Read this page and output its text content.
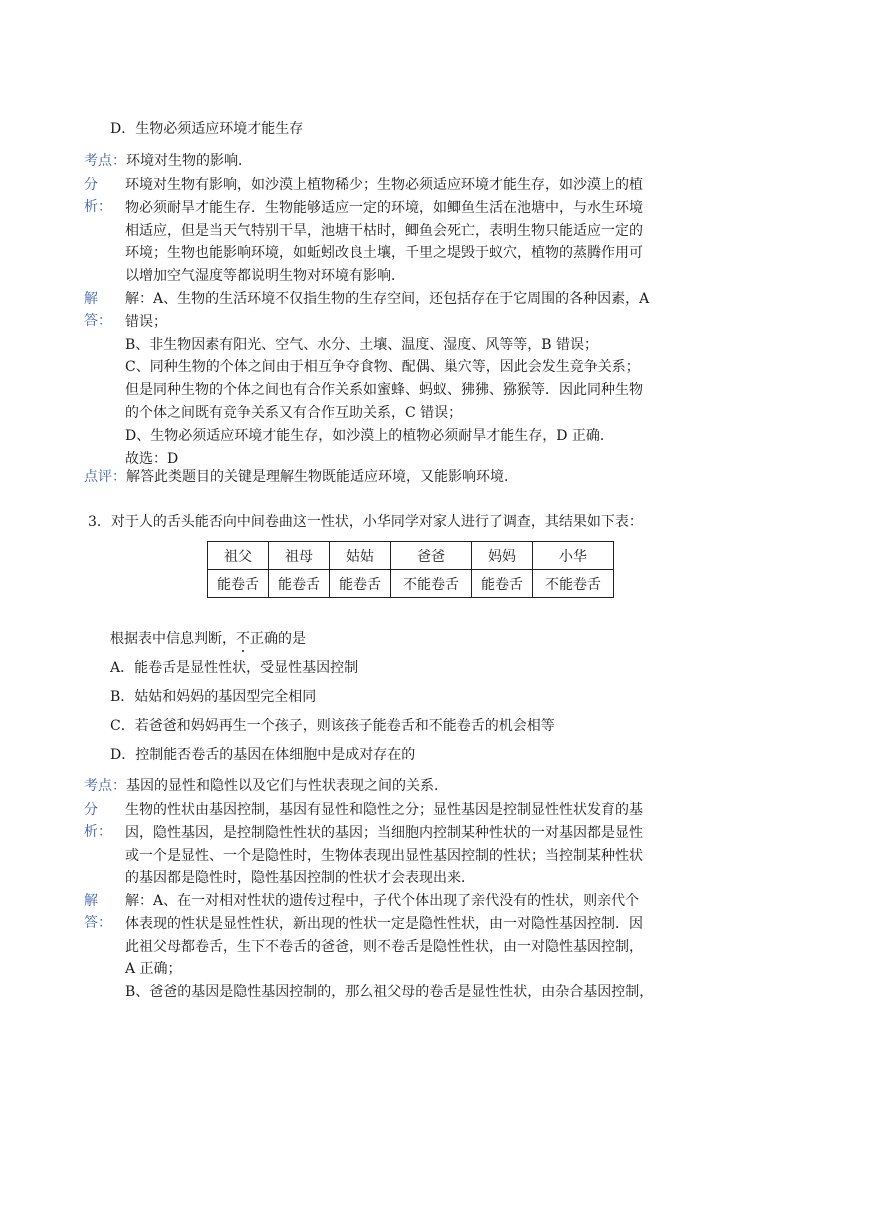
D．生物必须适应环境才能生存
考点：环境对生物的影响．
分析：
环境对生物有影响，如沙漠上植物稀少；生物必须适应环境才能生存，如沙漠上的植
物必须耐旱才能生存．生物能够适应一定的环境，如鲫鱼生活在池塘中，与水生环境
相适应，但是当天气特别干旱，池塘干枯时，鲫鱼会死亡，表明生物只能适应一定的
环境；生物也能影响环境，如蚯蚓改良土壤，千里之堤毁于蚁穴，植物的蒸腾作用可
以增加空气湿度等都说明生物对环境有影响．
解答：
解：A、生物的生活环境不仅指生物的生存空间，还包括存在于它周围的各种因素，A
错误；
B、非生物因素有阳光、空气、水分、土壤、温度、湿度、风等等，B 错误；
C、同种生物的个体之间由于相互争夺食物、配偶、巢穴等，因此会发生竞争关系；
但是同种生物的个体之间也有合作关系如蜜蜂、蚂蚁、狒狒、猕猴等．因此同种生物
的个体之间既有竞争关系又有合作互助关系，C 错误；
D、生物必须适应环境才能生存，如沙漠上的植物必须耐旱才能生存，D 正确．
故选：D
点评：解答此类题目的关键是理解生物既能适应环境，又能影响环境．
3．对于人的舌头能否向中间卷曲这一性状，小华同学对家人进行了调查，其结果如下表：
祖父	祖母	姑姑	爸爸	妈妈	小华
能卷舌	能卷舌	能卷舌	不能卷舌	能卷舌	不能卷舌
根据表中信息判断，不正确的是
A．能卷舌是显性性状，受显性基因控制
B．姑姑和妈妈的基因型完全相同
C．若爸爸和妈妈再生一个孩子，则该孩子能卷舌和不能卷舌的机会相等
D．控制能否卷舌的基因在体细胞中是成对存在的
考点：基因的显性和隐性以及它们与性状表现之间的关系．
分析：
生物的性状由基因控制，基因有显性和隐性之分；显性基因是控制显性性状发育的基
因，隐性基因，是控制隐性性状的基因；当细胞内控制某种性状的一对基因都是显性
或一个是显性、一个是隐性时，生物体表现出显性基因控制的性状；当控制某种性状
的基因都是隐性时，隐性基因控制的性状才会表现出来．
解答：
解：A、在一对相对性状的遗传过程中，子代个体出现了亲代没有的性状，则亲代个
体表现的性状是显性性状，新出现的性状一定是隐性性状，由一对隐性基因控制．因
此祖父母都卷舌，生下不卷舌的爸爸，则不卷舌是隐性性状，由一对隐性基因控制，
A 正确；
B、爸爸的基因是隐性基因控制的，那么祖父母的卷舌是显性性状，由杂合基因控制，
